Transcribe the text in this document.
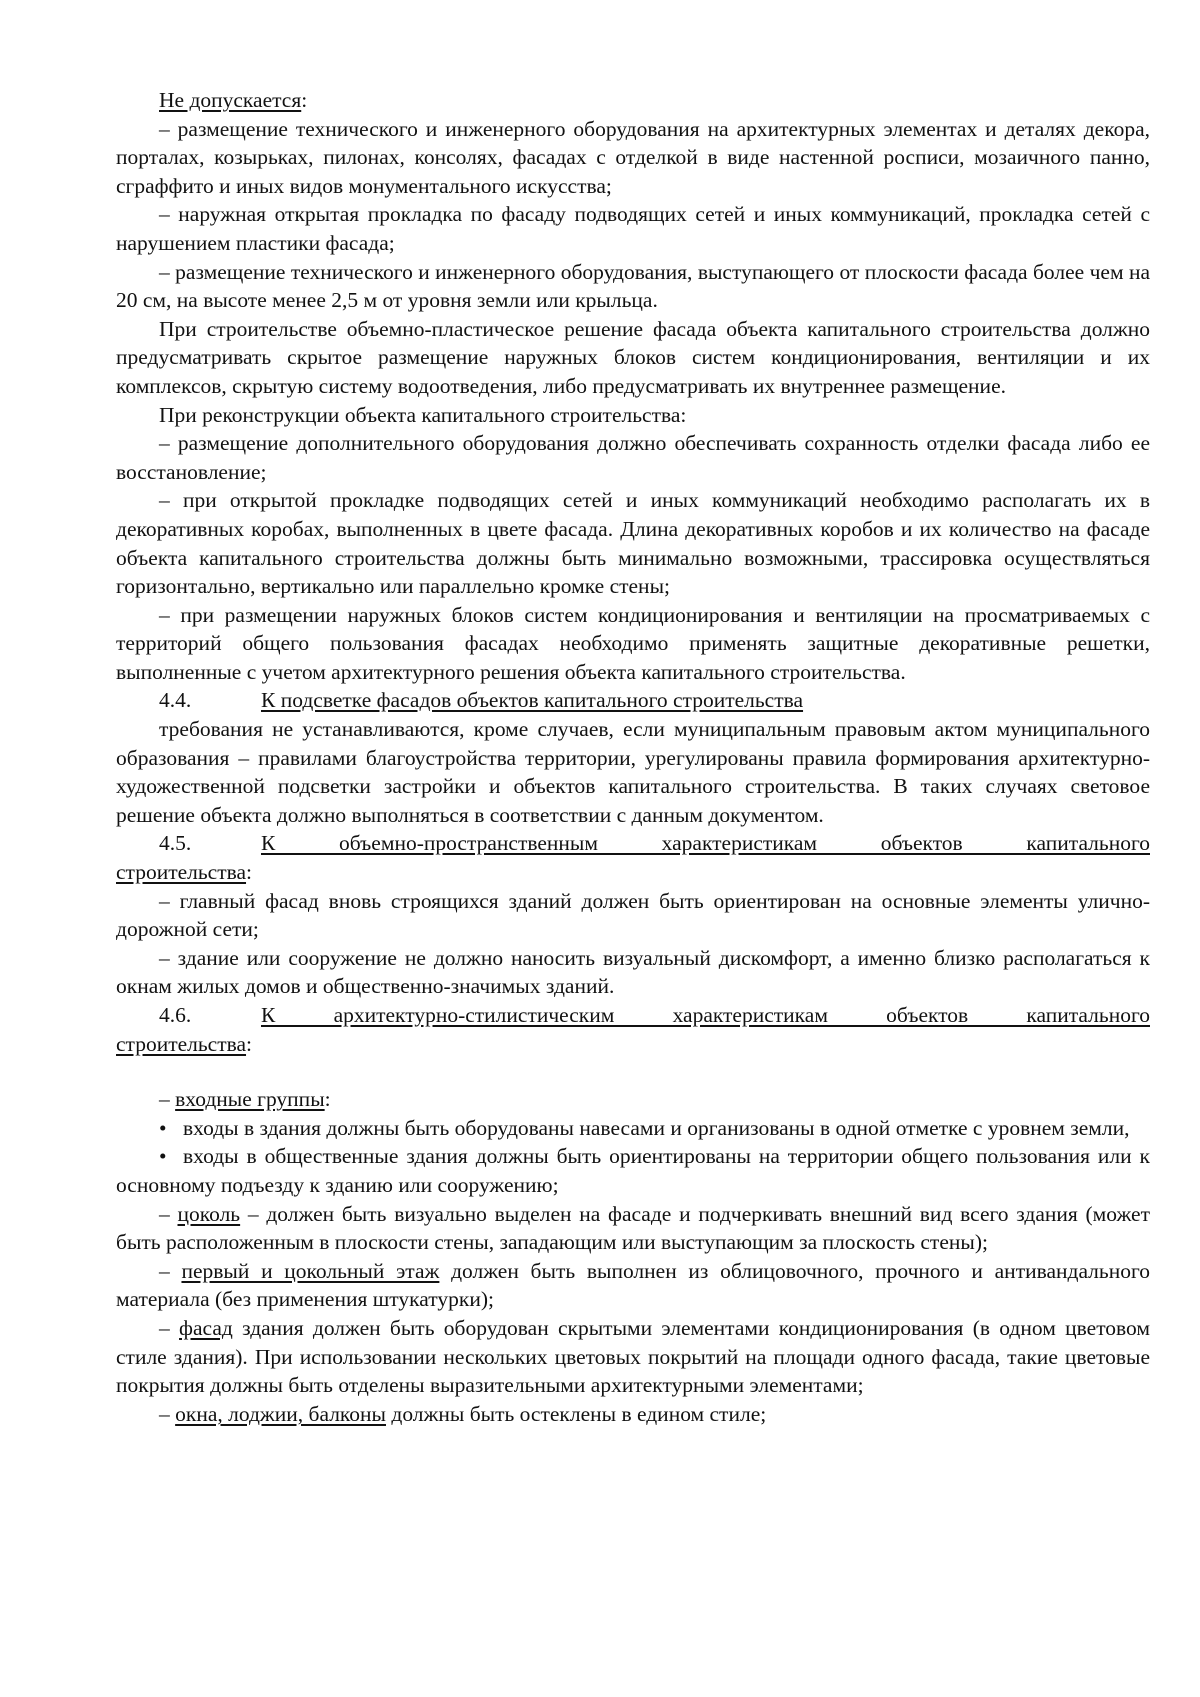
Не допускается:

– размещение технического и инженерного оборудования на архитектурных элементах и деталях декора, порталах, козырьках, пилонах, консолях, фасадах с отделкой в виде настенной росписи, мозаичного панно, сграффито и иных видов монументального искусства;

– наружная открытая прокладка по фасаду подводящих сетей и иных коммуникаций, прокладка сетей с нарушением пластики фасада;

– размещение технического и инженерного оборудования, выступающего от плоскости фасада более чем на 20 см, на высоте менее 2,5 м от уровня земли или крыльца.

При строительстве объемно-пластическое решение фасада объекта капитального строительства должно предусматривать скрытое размещение наружных блоков систем кондиционирования, вентиляции и их комплексов, скрытую систему водоотведения, либо предусматривать их внутреннее размещение.

При реконструкции объекта капитального строительства:

– размещение дополнительного оборудования должно обеспечивать сохранность отделки фасада либо ее восстановление;

– при открытой прокладке подводящих сетей и иных коммуникаций необходимо располагать их в декоративных коробах, выполненных в цвете фасада. Длина декоративных коробов и их количество на фасаде объекта капитального строительства должны быть минимально возможными, трассировка осуществляться горизонтально, вертикально или параллельно кромке стены;

– при размещении наружных блоков систем кондиционирования и вентиляции на просматриваемых с территорий общего пользования фасадах необходимо применять защитные декоративные решетки, выполненные с учетом архитектурного решения объекта капитального строительства.

4.4.	К подсветке фасадов объектов капитального строительства

требования не устанавливаются, кроме случаев, если муниципальным правовым актом муниципального образования – правилами благоустройства территории, урегулированы правила формирования архитектурно-художественной подсветки застройки и объектов капитального строительства. В таких случаях световое решение объекта должно выполняться в соответствии с данным документом.

4.5.	К объемно-пространственным характеристикам объектов капитального

строительства:

– главный фасад вновь строящихся зданий должен быть ориентирован на основные элементы улично-дорожной сети;

– здание или сооружение не должно наносить визуальный дискомфорт, а именно близко располагаться к окнам жилых домов и общественно-значимых зданий.

4.6.	К архитектурно-стилистическим характеристикам объектов капитального

строительства:

– входные группы:

• входы в здания должны быть оборудованы навесами и организованы в одной отметке с уровнем земли,

• входы в общественные здания должны быть ориентированы на территории общего пользования или к основному подъезду к зданию или сооружению;

– цоколь – должен быть визуально выделен на фасаде и подчеркивать внешний вид всего здания (может быть расположенным в плоскости стены, западающим или выступающим за плоскость стены);

– первый и цокольный этаж должен быть выполнен из облицовочного, прочного и антивандального материала (без применения штукатурки);

– фасад здания должен быть оборудован скрытыми элементами кондиционирования (в одном цветовом стиле здания). При использовании нескольких цветовых покрытий на площади одного фасада, такие цветовые покрытия должны быть отделены выразительными архитектурными элементами;

– окна, лоджии, балконы должны быть остеклены в едином стиле;
